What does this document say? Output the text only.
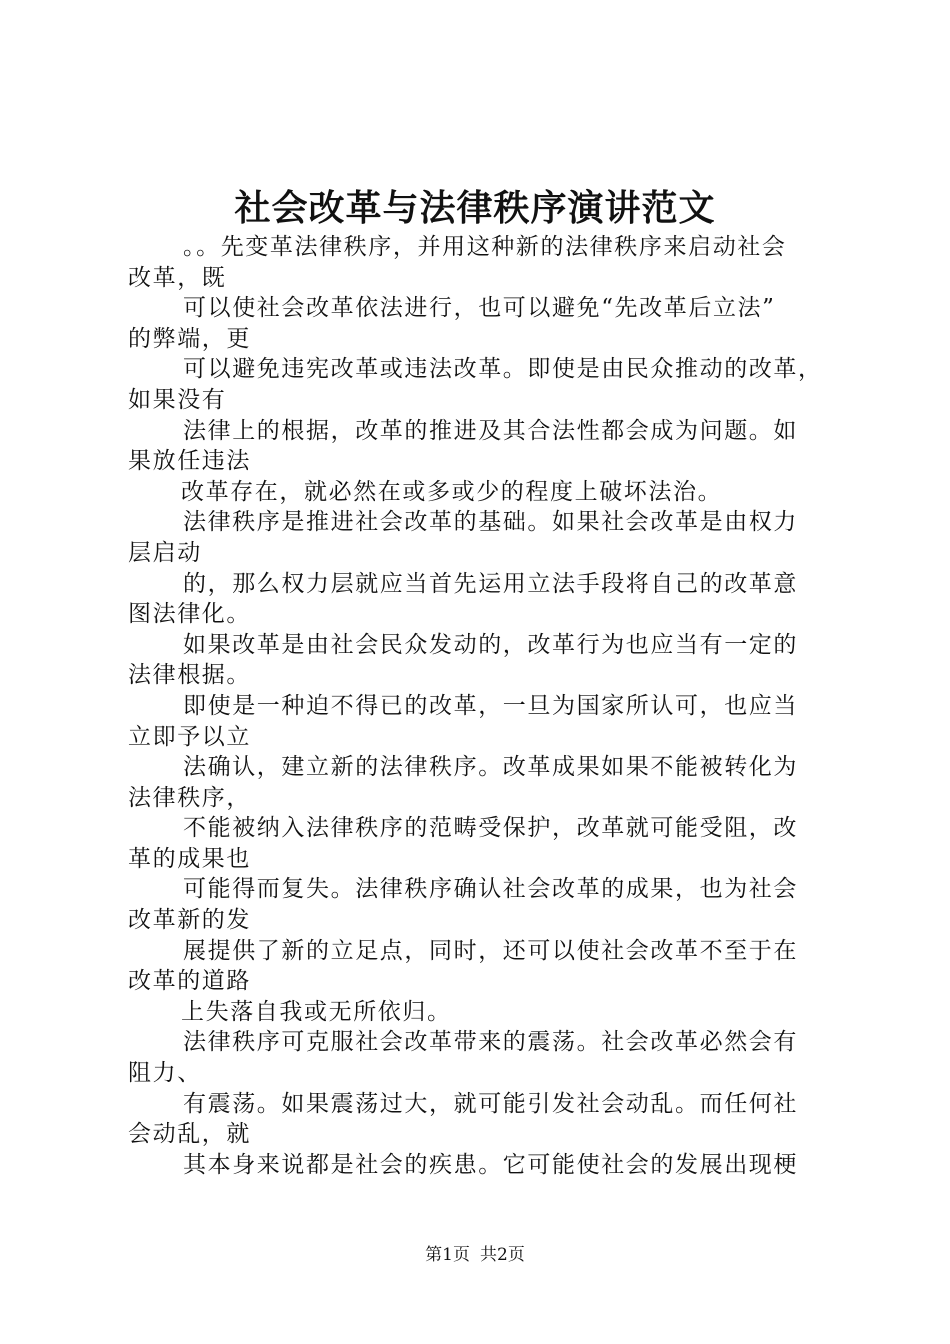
社会改革与法律秩序演讲范文
。。先变革法律秩序，并用这种新的法律秩序来启动社会
改革，既
可以使社会改革依法进行，也可以避免“先改革后立法”
的弊端，更
可以避免违宪改革或违法改革。即使是由民众推动的改革，
如果没有
法律上的根据，改革的推进及其合法性都会成为问题。如
果放任违法
改革存在，就必然在或多或少的程度上破坏法治。
法律秩序是推进社会改革的基础。如果社会改革是由权力
层启动
的，那么权力层就应当首先运用立法手段将自己的改革意
图法律化。
如果改革是由社会民众发动的，改革行为也应当有一定的
法律根据。
即使是一种迫不得已的改革，一旦为国家所认可，也应当
立即予以立
法确认，建立新的法律秩序。改革成果如果不能被转化为
法律秩序，
不能被纳入法律秩序的范畴受保护，改革就可能受阻，改
革的成果也
可能得而复失。法律秩序确认社会改革的成果，也为社会
改革新的发
展提供了新的立足点，同时，还可以使社会改革不至于在
改革的道路
上失落自我或无所依归。
法律秩序可克服社会改革带来的震荡。社会改革必然会有
阻力、
有震荡。如果震荡过大，就可能引发社会动乱。而任何社
会动乱，就
其本身来说都是社会的疾患。它可能使社会的发展出现梗
第1页 共2页
